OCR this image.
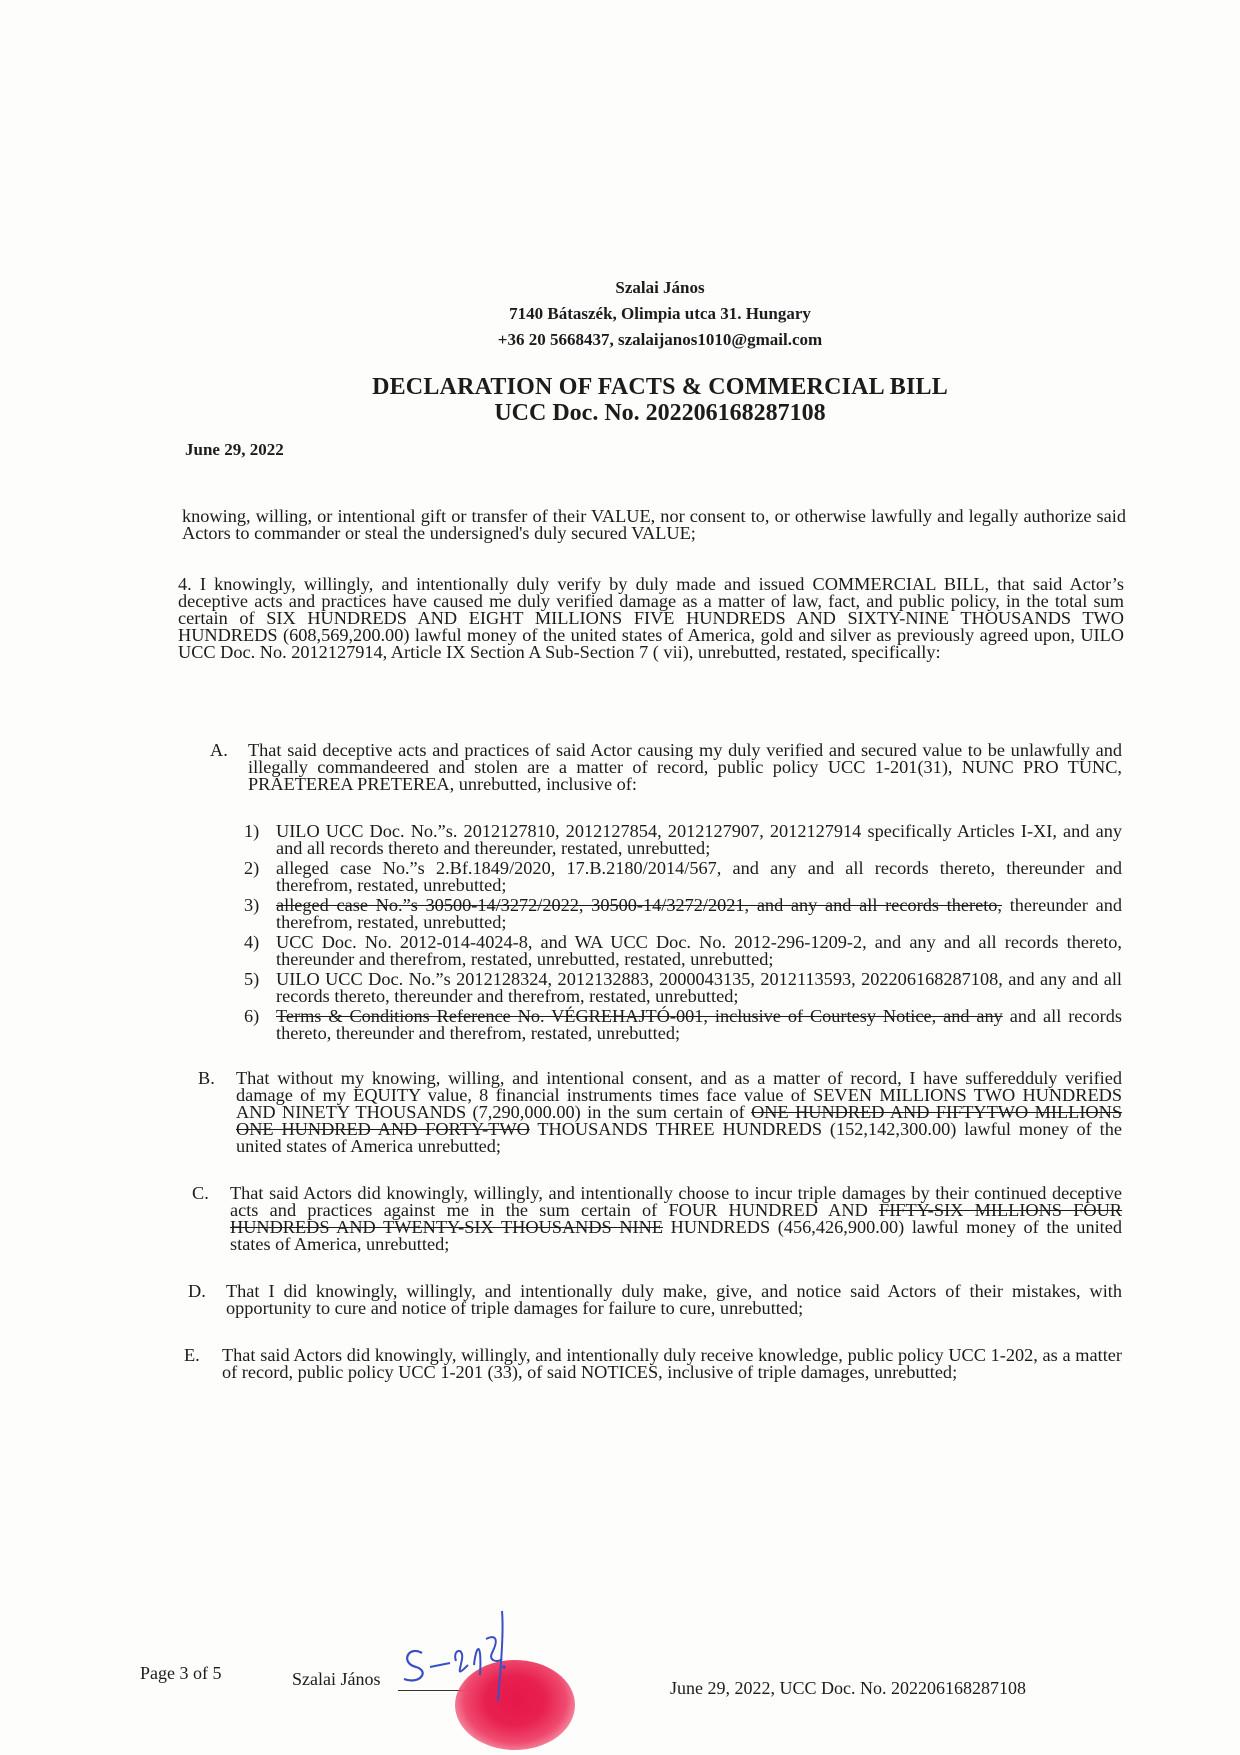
Szalai János
7140 Bátaszék, Olimpia utca 31. Hungary
+36 20 5668437, szalaijanos1010@gmail.com
DECLARATION OF FACTS & COMMERCIAL BILL
UCC Doc. No. 202206168287108
June 29, 2022
knowing, willing, or intentional gift or transfer of their VALUE, nor consent to, or otherwise lawfully and legally authorize said Actors to commander or steal the undersigned's duly secured VALUE;
4. I knowingly, willingly, and intentionally duly verify by duly made and issued COMMERCIAL BILL, that said Actor’s deceptive acts and practices have caused me duly verified damage as a matter of law, fact, and public policy, in the total sum certain of SIX HUNDREDS AND EIGHT MILLIONS FIVE HUNDREDS AND SIXTY-NINE THOUSANDS TWO HUNDREDS (608,569,200.00) lawful money of the united states of America, gold and silver as previously agreed upon, UILO UCC Doc. No. 2012127914, Article IX Section A Sub-Section 7 ( vii), unrebutted, restated, specifically:
A. That said deceptive acts and practices of said Actor causing my duly verified and secured value to be unlawfully and illegally commandeered and stolen are a matter of record, public policy UCC 1-201(31), NUNC PRO TUNC, PRAETEREA PRETEREA, unrebutted, inclusive of:
1) UILO UCC Doc. No.”s. 2012127810, 2012127854, 2012127907, 2012127914 specifically Articles I-XI, and any and all records thereto and thereunder, restated, unrebutted;
2) alleged case No.”s 2.Bf.1849/2020, 17.B.2180/2014/567, and any and all records thereto, thereunder and therefrom, restated, unrebutted;
3) alleged case No.”s 30500-14/3272/2022, 30500-14/3272/2021, and any and all records thereto, thereunder and therefrom, restated, unrebutted;
4) UCC Doc. No. 2012-014-4024-8, and WA UCC Doc. No. 2012-296-1209-2, and any and all records thereto, thereunder and therefrom, restated, unrebutted, restated, unrebutted;
5) UILO UCC Doc. No.”s 2012128324, 2012132883, 2000043135, 2012113593, 202206168287108, and any and all records thereto, thereunder and therefrom, restated, unrebutted;
6) Terms & Conditions Reference No. VÉGREHAJTÓ-001, inclusive of Courtesy Notice, and any and all records thereto, thereunder and therefrom, restated, unrebutted;
B. That without my knowing, willing, and intentional consent, and as a matter of record, I have sufferedduly verified damage of my EQUITY value, 8 financial instruments times face value of SEVEN MILLIONS TWO HUNDREDS AND NINETY THOUSANDS (7,290,000.00) in the sum certain of ONE HUNDRED AND FIFTYTWO MILLIONS ONE HUNDRED AND FORTY-TWO THOUSANDS THREE HUNDREDS (152,142,300.00) lawful money of the united states of America unrebutted;
C. That said Actors did knowingly, willingly, and intentionally choose to incur triple damages by their continued deceptive acts and practices against me in the sum certain of FOUR HUNDRED AND FIFTY-SIX MILLIONS FOUR HUNDREDS AND TWENTY-SIX THOUSANDS NINE HUNDREDS (456,426,900.00) lawful money of the united states of America, unrebutted;
D. That I did knowingly, willingly, and intentionally duly make, give, and notice said Actors of their mistakes, with opportunity to cure and notice of triple damages for failure to cure, unrebutted;
E. That said Actors did knowingly, willingly, and intentionally duly receive knowledge, public policy UCC 1-202, as a matter of record, public policy UCC 1-201 (33), of said NOTICES, inclusive of triple damages, unrebutted;
Page 3 of 5	Szalai János	June 29, 2022, UCC Doc. No. 202206168287108
